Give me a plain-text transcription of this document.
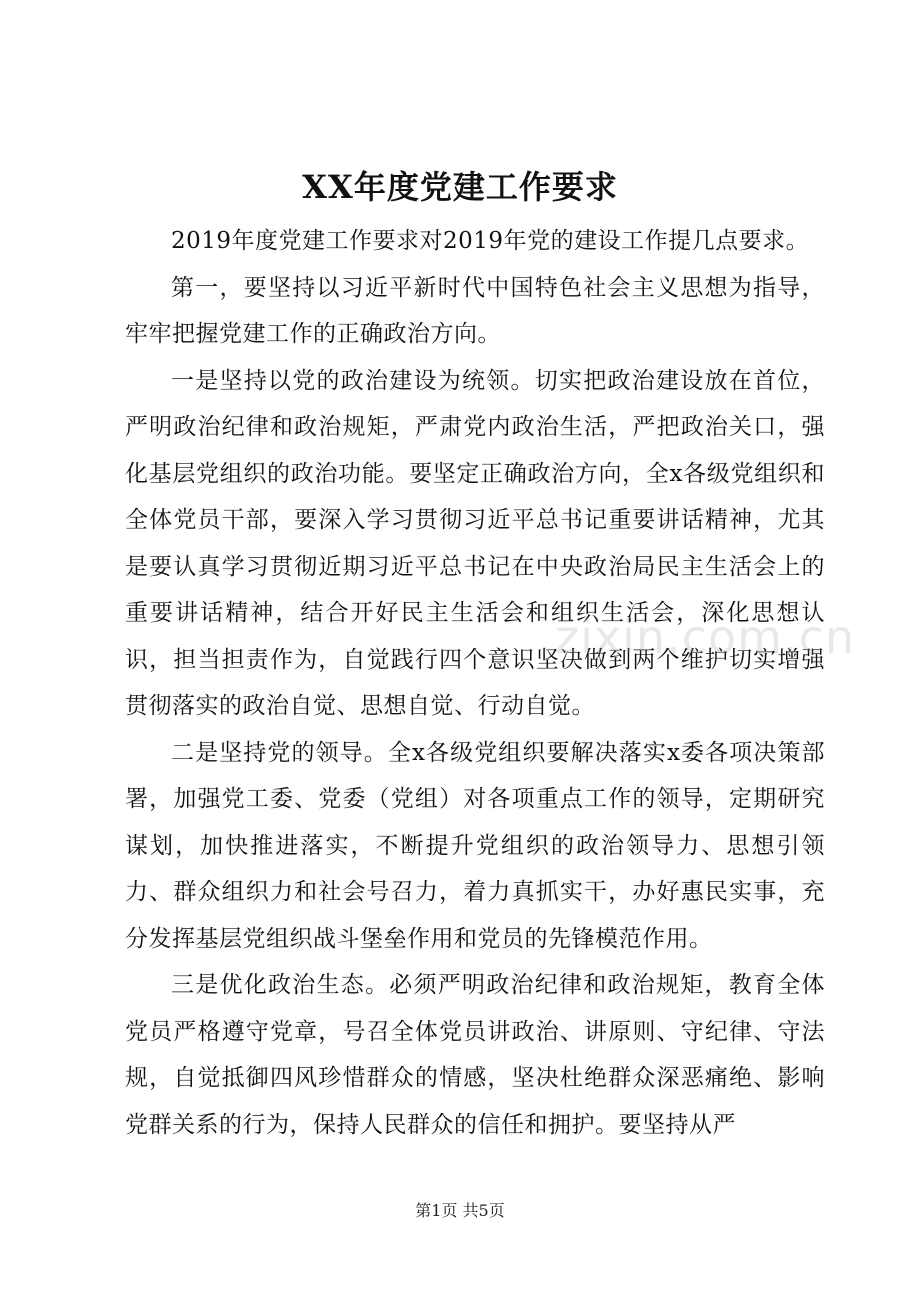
XX年度党建工作要求

2019年度党建工作要求对2019年党的建设工作提几点要求。

第一，要坚持以习近平新时代中国特色社会主义思想为指导，牢牢把握党建工作的正确政治方向。

一是坚持以党的政治建设为统领。切实把政治建设放在首位，严明政治纪律和政治规矩，严肃党内政治生活，严把政治关口，强化基层党组织的政治功能。要坚定正确政治方向，全x各级党组织和全体党员干部，要深入学习贯彻习近平总书记重要讲话精神，尤其是要认真学习贯彻近期习近平总书记在中央政治局民主生活会上的重要讲话精神，结合开好民主生活会和组织生活会，深化思想认识，担当担责作为，自觉践行四个意识坚决做到两个维护切实增强贯彻落实的政治自觉、思想自觉、行动自觉。

二是坚持党的领导。全x各级党组织要解决落实x委各项决策部署，加强党工委、党委（党组）对各项重点工作的领导，定期研究谋划，加快推进落实，不断提升党组织的政治领导力、思想引领力、群众组织力和社会号召力，着力真抓实干，办好惠民实事，充分发挥基层党组织战斗堡垒作用和党员的先锋模范作用。

三是优化政治生态。必须严明政治纪律和政治规矩，教育全体党员严格遵守党章，号召全体党员讲政治、讲原则、守纪律、守法规，自觉抵御四风珍惜群众的情感，坚决杜绝群众深恶痛绝、影响党群关系的行为，保持人民群众的信任和拥护。要坚持从严

zixin.com.cn
第1页 共5页
